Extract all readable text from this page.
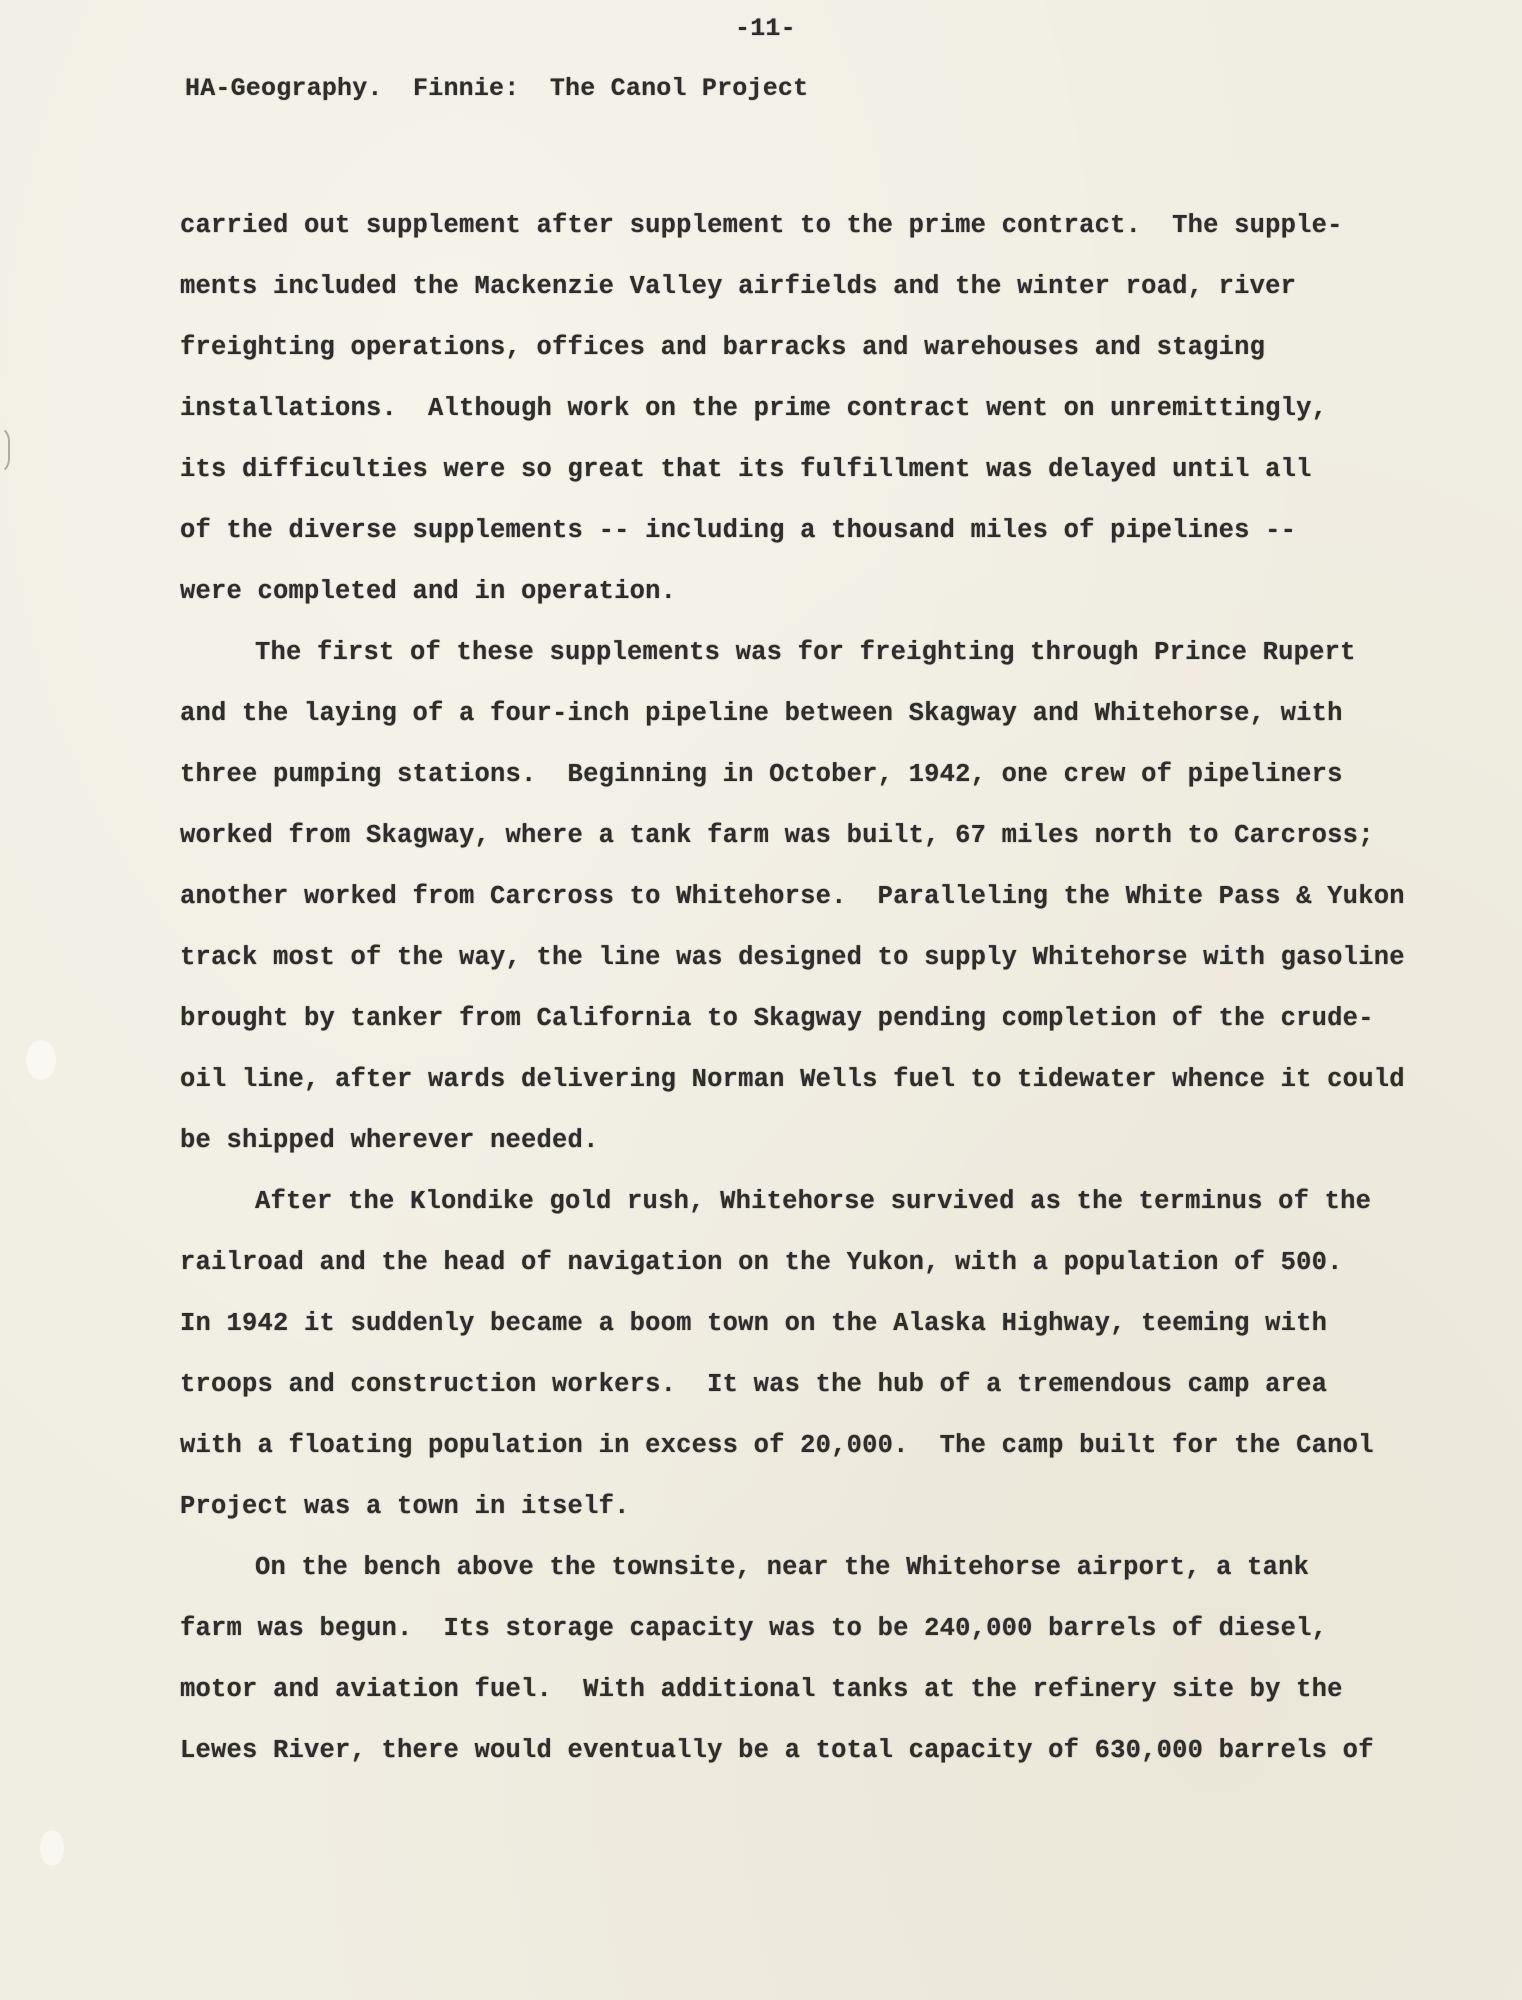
-11-
HA-Geography.  Finnie:  The Canol Project
carried out supplement after supplement to the prime contract.  The supple-
ments included the Mackenzie Valley airfields and the winter road, river
freighting operations, offices and barracks and warehouses and staging
installations.  Although work on the prime contract went on unremittingly,
its difficulties were so great that its fulfillment was delayed until all
of the diverse supplements -- including a thousand miles of pipelines --
were completed and in operation.
The first of these supplements was for freighting through Prince Rupert
and the laying of a four-inch pipeline between Skagway and Whitehorse, with
three pumping stations.  Beginning in October, 1942, one crew of pipeliners
worked from Skagway, where a tank farm was built, 67 miles north to Carcross;
another worked from Carcross to Whitehorse.  Paralleling the White Pass & Yukon
track most of the way, the line was designed to supply Whitehorse with gasoline
brought by tanker from California to Skagway pending completion of the crude-
oil line, after wards delivering Norman Wells fuel to tidewater whence it could
be shipped wherever needed.
After the Klondike gold rush, Whitehorse survived as the terminus of the
railroad and the head of navigation on the Yukon, with a population of 500.
In 1942 it suddenly became a boom town on the Alaska Highway, teeming with
troops and construction workers.  It was the hub of a tremendous camp area
with a floating population in excess of 20,000.  The camp built for the Canol
Project was a town in itself.
On the bench above the townsite, near the Whitehorse airport, a tank
farm was begun.  Its storage capacity was to be 240,000 barrels of diesel,
motor and aviation fuel.  With additional tanks at the refinery site by the
Lewes River, there would eventually be a total capacity of 630,000 barrels of
